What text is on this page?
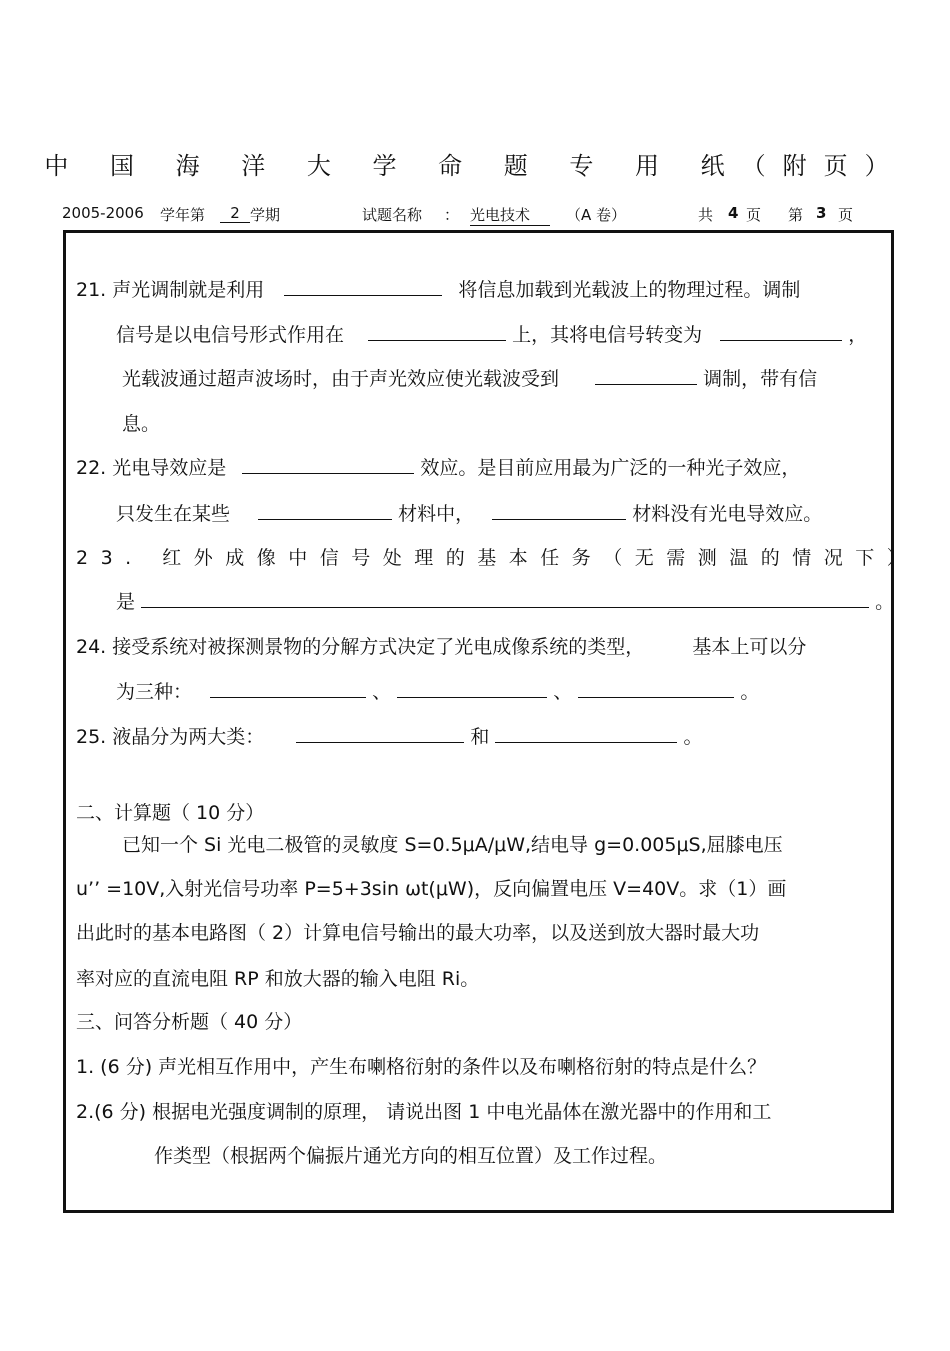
中 国 海 洋 大 学 命 题 专 用 纸（附页）
2005-2006 学年第	2 学期	试题名称 ： 光电技术	（A 卷）	共 4 页 第 3 页
21. 声光调制就是利用	将信息加载到光载波上的物理过程。调制
信号是以电信号形式作用在	上，其将电信号转变为	，
光载波通过超声波场时，由于声光效应使光载波受到	调制，带有信
息。
22. 光电导效应是	效应。是目前应用最为广泛的一种光子效应，
只发生在某些	材料中，	材料没有光电导效应。
23. 红外成像中信号处理的基本任务（无需测温的情况下）
是	。
24. 接受系统对被探测景物的分解方式决定了光电成像系统的类型，	基本上可以分
为三种：	、	、	。
25. 液晶分为两大类：	和	。
二、计算题（ 10 分）
已知一个 Si 光电二极管的灵敏度 S=0.5μA/μW,结电导 g=0.005μS,屈膝电压
u’’ =10V,入射光信号功率 P=5+3sin ωt(μW)，反向偏置电压 V=40V。求（1）画
出此时的基本电路图（ 2）计算电信号输出的最大功率，以及送到放大器时最大功
率对应的直流电阻 RP 和放大器的输入电阻 Ri。
三、问答分析题（ 40 分）
1. (6 分) 声光相互作用中，产生布喇格衍射的条件以及布喇格衍射的特点是什么？
2.(6 分) 根据电光强度调制的原理， 请说出图 1 中电光晶体在激光器中的作用和工
作类型（根据两个偏振片通光方向的相互位置）及工作过程。
